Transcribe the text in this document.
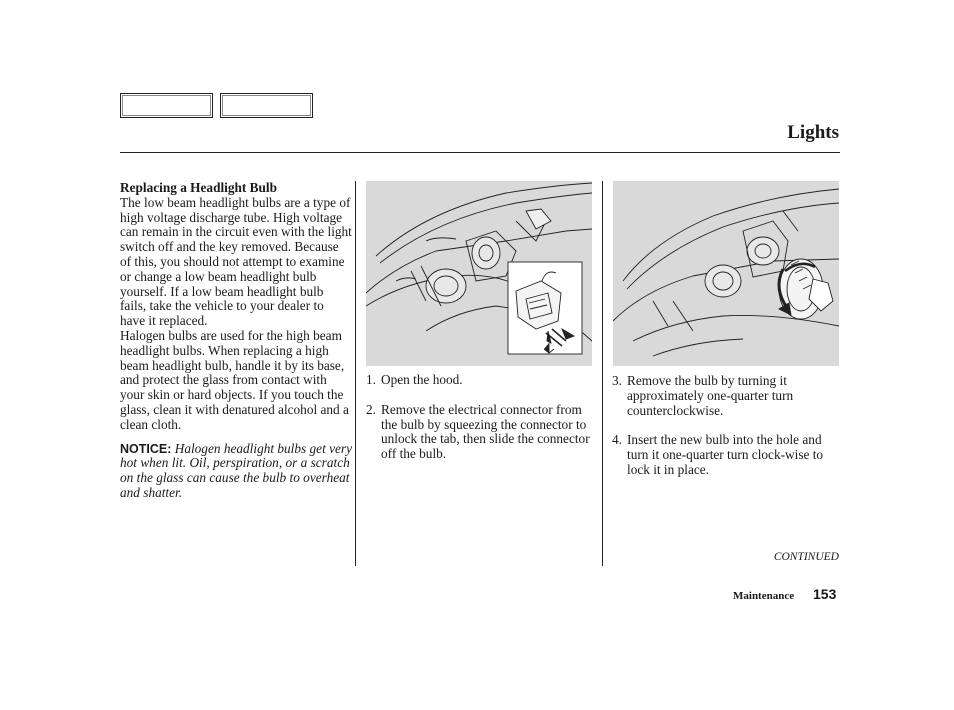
Lights
Replacing a Headlight Bulb

The low beam headlight bulbs are a type of high voltage discharge tube. High voltage can remain in the circuit even with the light switch off and the key removed. Because of this, you should not attempt to examine or change a low beam headlight bulb yourself. If a low beam headlight bulb fails, take the vehicle to your dealer to have it replaced.

Halogen bulbs are used for the high beam headlight bulbs. When replacing a high beam headlight bulb, handle it by its base, and protect the glass from contact with your skin or hard objects. If you touch the glass, clean it with denatured alcohol and a clean cloth.

NOTICE: Halogen headlight bulbs get very hot when lit. Oil, perspiration, or a scratch on the glass can cause the bulb to overheat and shatter.

1. Open the hood.
2. Remove the electrical connector from the bulb by squeezing the connector to unlock the tab, then slide the connector off the bulb.
3. Remove the bulb by turning it approximately one-quarter turn counterclockwise.
4. Insert the new bulb into the hole and turn it one-quarter turn clock-wise to lock it in place.
CONTINUED
Maintenance 153
